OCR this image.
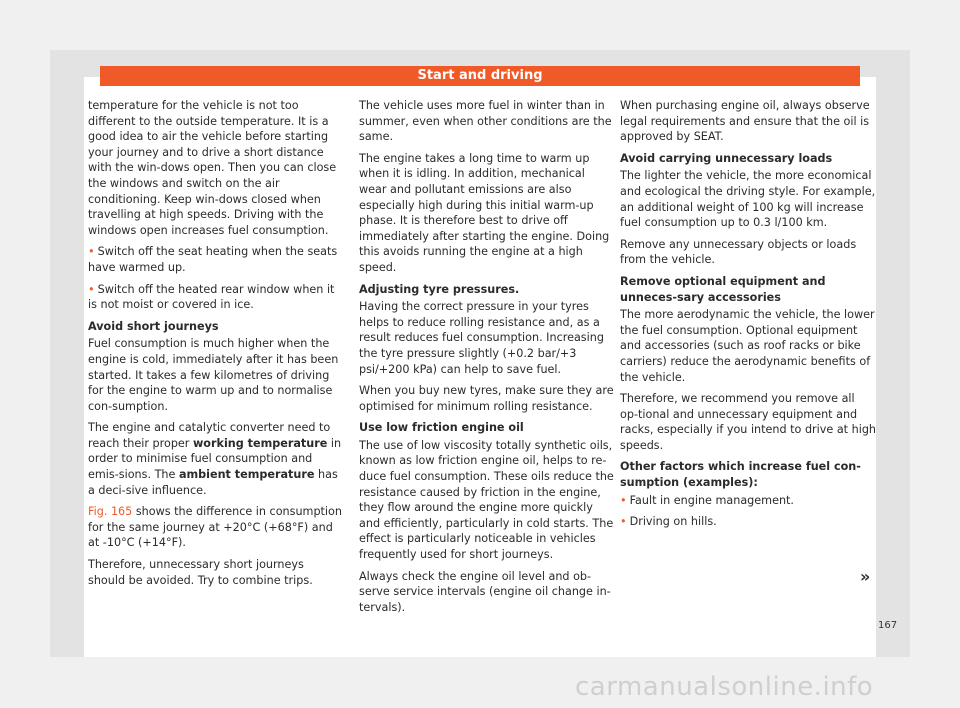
Start and driving

temperature for the vehicle is not too different to the outside temperature. It is a good idea to air the vehicle before starting your journey and to drive a short distance with the win-dows open. Then you can close the windows and switch on the air conditioning. Keep win-dows closed when travelling at high speeds. Driving with the windows open increases fuel consumption.

• Switch off the seat heating when the seats have warmed up.

• Switch off the heated rear window when it is not moist or covered in ice.

Avoid short journeys

Fuel consumption is much higher when the engine is cold, immediately after it has been started. It takes a few kilometres of driving for the engine to warm up and to normalise con-sumption.

The engine and catalytic converter need to reach their proper working temperature in order to minimise fuel consumption and emis-sions. The ambient temperature has a deci-sive influence.

Fig. 165 shows the difference in consumption for the same journey at +20°C (+68°F) and at -10°C (+14°F).

Therefore, unnecessary short journeys should be avoided. Try to combine trips.

The vehicle uses more fuel in winter than in summer, even when other conditions are the same.

The engine takes a long time to warm up when it is idling. In addition, mechanical wear and pollutant emissions are also especially high during this initial warm-up phase. It is therefore best to drive off immediately after starting the engine. Doing this avoids running the engine at a high speed.

Adjusting tyre pressures.

Having the correct pressure in your tyres helps to reduce rolling resistance and, as a result reduces fuel consumption. Increasing the tyre pressure slightly (+0.2 bar/+3 psi/+200 kPa) can help to save fuel.

When you buy new tyres, make sure they are optimised for minimum rolling resistance.

Use low friction engine oil

The use of low viscosity totally synthetic oils, known as low friction engine oil, helps to re-duce fuel consumption. These oils reduce the resistance caused by friction in the engine, they flow around the engine more quickly and efficiently, particularly in cold starts. The effect is particularly noticeable in vehicles frequently used for short journeys.

Always check the engine oil level and ob-serve service intervals (engine oil change in-tervals).

When purchasing engine oil, always observe legal requirements and ensure that the oil is approved by SEAT.

Avoid carrying unnecessary loads

The lighter the vehicle, the more economical and ecological the driving style. For example, an additional weight of 100 kg will increase fuel consumption up to 0.3 l/100 km.

Remove any unnecessary objects or loads from the vehicle.

Remove optional equipment and unneces-sary accessories

The more aerodynamic the vehicle, the lower the fuel consumption. Optional equipment and accessories (such as roof racks or bike carriers) reduce the aerodynamic benefits of the vehicle.

Therefore, we recommend you remove all op-tional and unnecessary equipment and racks, especially if you intend to drive at high speeds.

Other factors which increase fuel con-sumption (examples):

• Fault in engine management.

• Driving on hills.

»
167
carmanualsonline.info
